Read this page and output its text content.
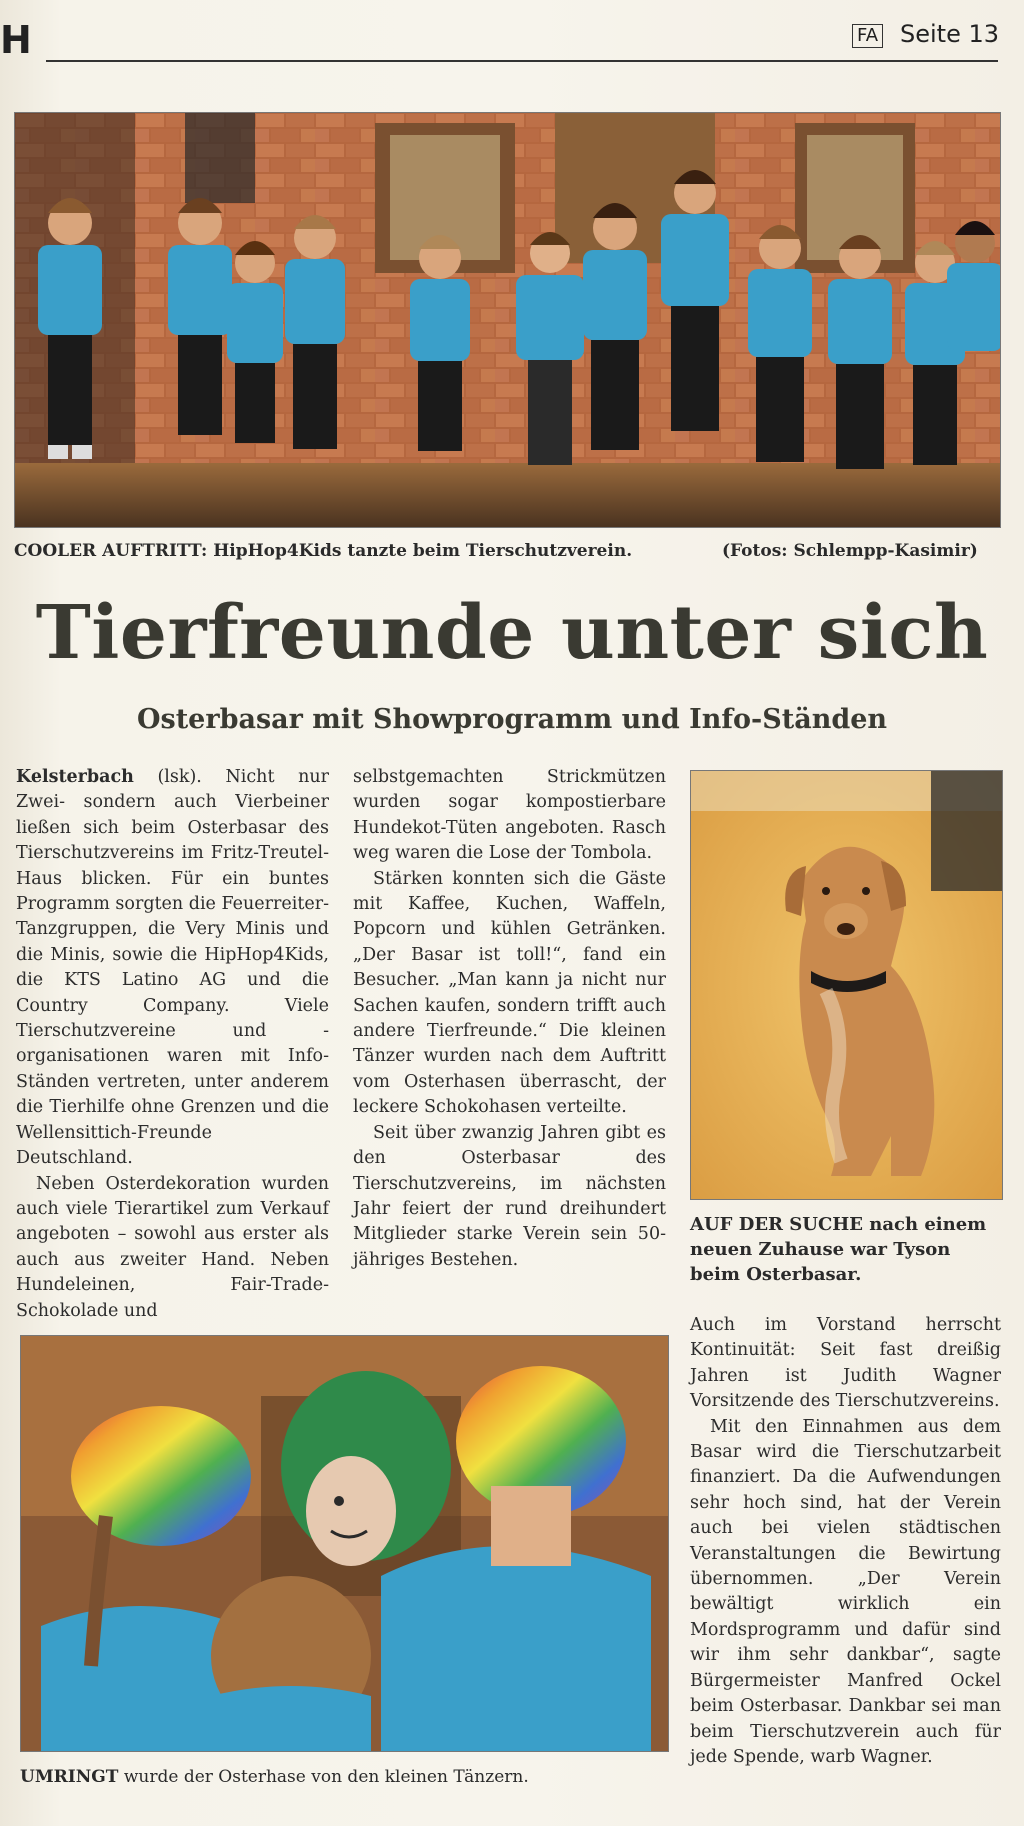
H	FA Seite 13
COOLER AUFTRITT: HipHop4Kids tanzte beim Tierschutzverein.	(Fotos: Schlempp-Kasimir)
Tierfreunde unter sich
Osterbasar mit Showprogramm und Info-Ständen

Kelsterbach (lsk). Nicht nur Zwei- sondern auch Vierbeiner ließen sich beim Osterbasar des Tierschutzvereins im Fritz-Treutel-Haus blicken. Für ein buntes Programm sorgten die Feuerreiter-Tanzgruppen, die Very Minis und die Minis, sowie die HipHop4Kids, die KTS Latino AG und die Country Company. Viele Tierschutzvereine und -organisationen waren mit Info-Ständen vertreten, unter anderem die Tierhilfe ohne Grenzen und die Wellensittich-Freunde Deutschland.

Neben Osterdekoration wurden auch viele Tierartikel zum Verkauf angeboten – sowohl aus erster als auch aus zweiter Hand. Neben Hundeleinen, Fair-Trade-Schokolade und

selbstgemachten Strickmützen wurden sogar kompostierbare Hundekot-Tüten angeboten. Rasch weg waren die Lose der Tombola.

Stärken konnten sich die Gäste mit Kaffee, Kuchen, Waffeln, Popcorn und kühlen Getränken. „Der Basar ist toll!“, fand ein Besucher. „Man kann ja nicht nur Sachen kaufen, sondern trifft auch andere Tierfreunde.“ Die kleinen Tänzer wurden nach dem Auftritt vom Osterhasen überrascht, der leckere Schokohasen verteilte.

Seit über zwanzig Jahren gibt es den Osterbasar des Tierschutzvereins, im nächsten Jahr feiert der rund dreihundert Mitglieder starke Verein sein 50-jähriges Bestehen.

AUF DER SUCHE nach einem neuen Zuhause war Tyson beim Osterbasar.
UMRINGT wurde der Osterhase von den kleinen Tänzern.

Auch im Vorstand herrscht Kontinuität: Seit fast dreißig Jahren ist Judith Wagner Vorsitzende des Tierschutzvereins.

Mit den Einnahmen aus dem Basar wird die Tierschutzarbeit finanziert. Da die Aufwendungen sehr hoch sind, hat der Verein auch bei vielen städtischen Veranstaltungen die Bewirtung übernommen. „Der Verein bewältigt wirklich ein Mordsprogramm und dafür sind wir ihm sehr dankbar“, sagte Bürgermeister Manfred Ockel beim Osterbasar. Dankbar sei man beim Tierschutzverein auch für jede Spende, warb Wagner.
